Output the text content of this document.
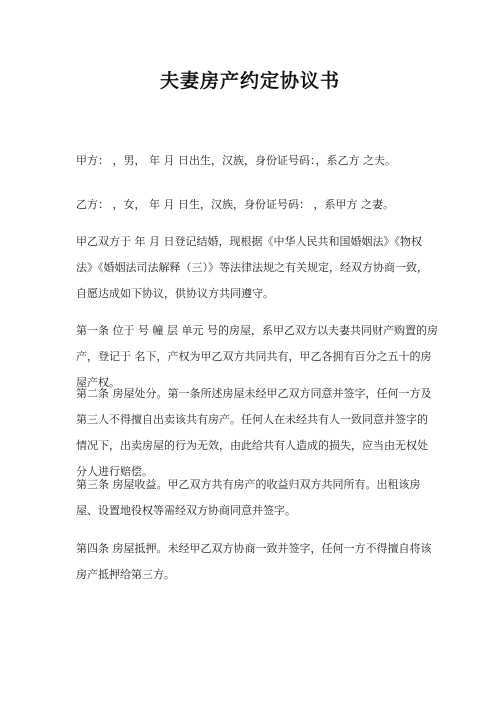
夫妻房产约定协议书
甲方： ，男， 年 月 日出生，汉族，身份证号码：，系乙方 之夫。
乙方： ，女， 年 月 日生，汉族，身份证号码： ，系甲方 之妻。
甲乙双方于 年 月 日登记结婚，现根据《中华人民共和国婚姻法》《物权法》《婚姻法司法解释（三）》等法律法规之有关规定，经双方协商一致，自愿达成如下协议，供协议方共同遵守。
第一条 位于 号 幢 层 单元 号的房屋，系甲乙双方以夫妻共同财产购置的房产，登记于 名下，产权为甲乙双方共同共有，甲乙各拥有百分之五十的房屋产权。
第二条 房屋处分。第一条所述房屋未经甲乙双方同意并签字，任何一方及第三人不得擅自出卖该共有房产。任何人在未经共有人一致同意并签字的情况下，出卖房屋的行为无效，由此给共有人造成的损失，应当由无权处分人进行赔偿。
第三条 房屋收益。甲乙双方共有房产的收益归双方共同所有。出租该房屋、设置地役权等需经双方协商同意并签字。
第四条 房屋抵押。未经甲乙双方协商一致并签字，任何一方不得擅自将该房产抵押给第三方。
